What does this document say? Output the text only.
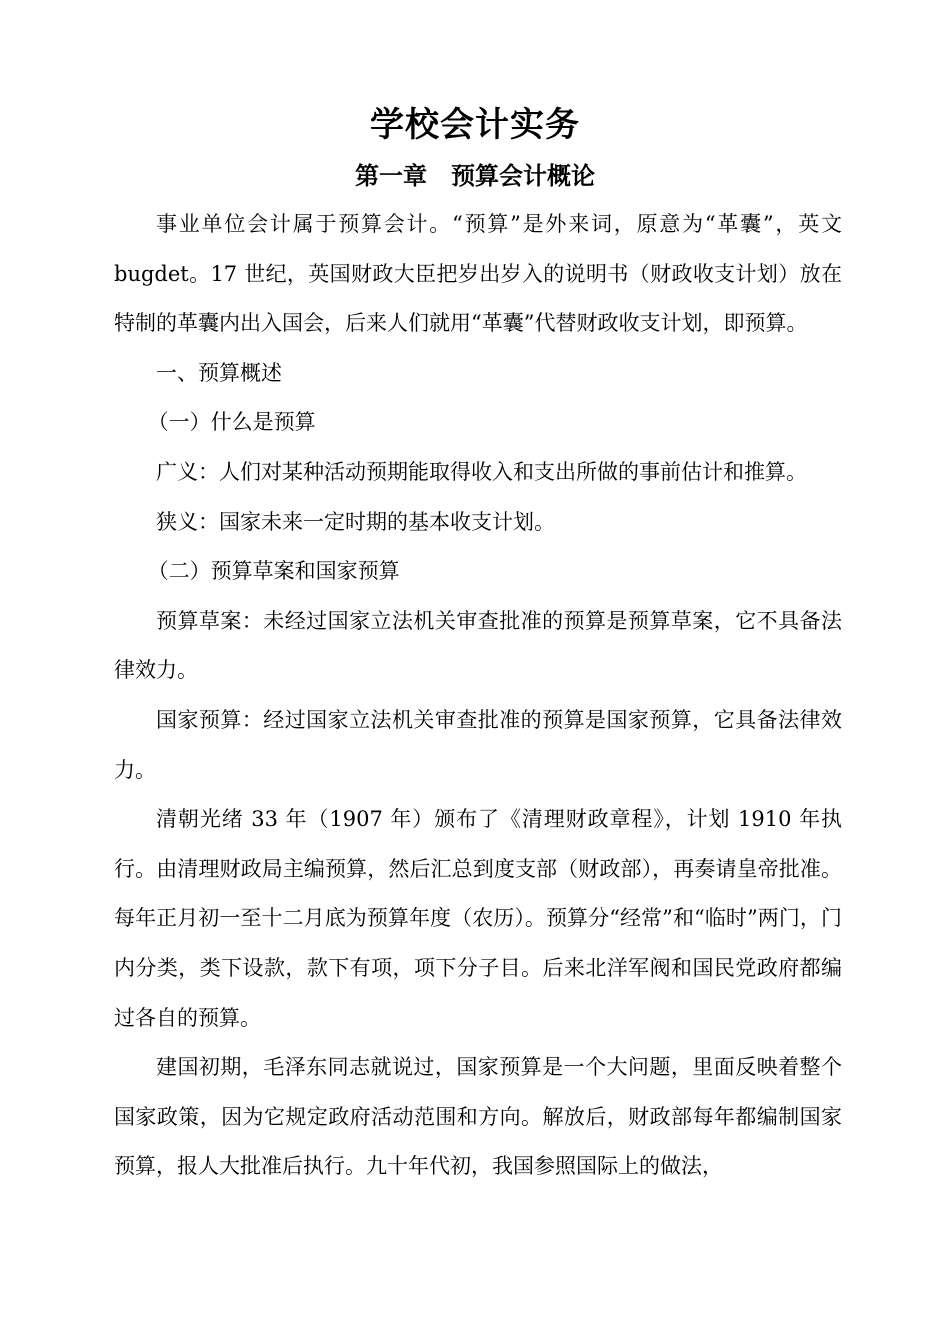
学校会计实务
第一章　预算会计概论

事业单位会计属于预算会计。“预算”是外来词，原意为“革囊”，英文 bugdet。17 世纪，英国财政大臣把岁出岁入的说明书（财政收支计划）放在特制的革囊内出入国会，后来人们就用“革囊”代替财政收支计划，即预算。

一、预算概述

（一）什么是预算

广义：人们对某种活动预期能取得收入和支出所做的事前估计和推算。

狭义：国家未来一定时期的基本收支计划。

（二）预算草案和国家预算

预算草案：未经过国家立法机关审查批准的预算是预算草案，它不具备法律效力。

国家预算：经过国家立法机关审查批准的预算是国家预算，它具备法律效力。

清朝光绪 33 年（1907 年）颁布了《清理财政章程》，计划 1910 年执行。由清理财政局主编预算，然后汇总到度支部（财政部），再奏请皇帝批准。每年正月初一至十二月底为预算年度（农历）。预算分“经常”和“临时”两门，门内分类，类下设款，款下有项，项下分子目。后来北洋军阀和国民党政府都编过各自的预算。

建国初期，毛泽东同志就说过，国家预算是一个大问题，里面反映着整个国家政策，因为它规定政府活动范围和方向。解放后，财政部每年都编制国家预算，报人大批准后执行。九十年代初，我国参照国际上的做法，
